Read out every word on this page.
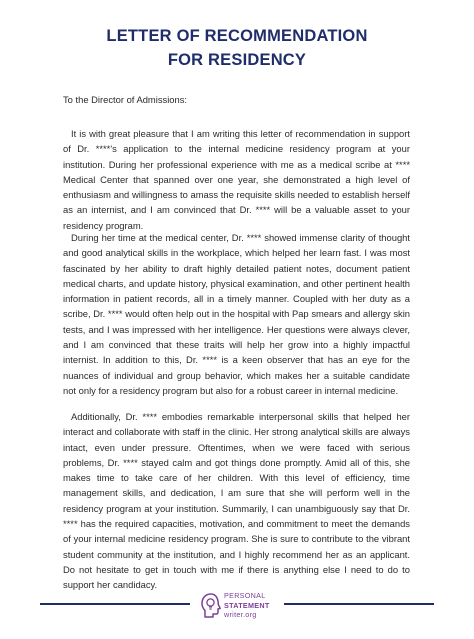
LETTER OF RECOMMENDATION
FOR RESIDENCY
To the Director of Admissions:
It is with great pleasure that I am writing this letter of recommendation in support of Dr. ****'s application to the internal medicine residency program at your institution. During her professional experience with me as a medical scribe at **** Medical Center that spanned over one year, she demonstrated a high level of enthusiasm and willingness to amass the requisite skills needed to establish herself as an internist, and I am convinced that Dr. **** will be a valuable asset to your residency program.
During her time at the medical center, Dr. **** showed immense clarity of thought and good analytical skills in the workplace, which helped her learn fast. I was most fascinated by her ability to draft highly detailed patient notes, document patient medical charts, and update history, physical examination, and other pertinent health information in patient records, all in a timely manner. Coupled with her duty as a scribe, Dr. **** would often help out in the hospital with Pap smears and allergy skin tests, and I was impressed with her intelligence. Her questions were always clever, and I am convinced that these traits will help her grow into a highly impactful internist. In addition to this, Dr. **** is a keen observer that has an eye for the nuances of individual and group behavior, which makes her a suitable candidate not only for a residency program but also for a robust career in internal medicine.
Additionally, Dr. **** embodies remarkable interpersonal skills that helped her interact and collaborate with staff in the clinic. Her strong analytical skills are always intact, even under pressure. Oftentimes, when we were faced with serious problems, Dr. **** stayed calm and got things done promptly. Amid all of this, she makes time to take care of her children. With this level of efficiency, time management skills, and dedication, I am sure that she will perform well in the residency program at your institution. Summarily, I can unambiguously say that Dr. **** has the required capacities, motivation, and commitment to meet the demands of your internal medicine residency program. She is sure to contribute to the vibrant student community at the institution, and I highly recommend her as an applicant. Do not hesitate to get in touch with me if there is anything else I need to do to support her candidacy.
PERSONAL
STATEMENT
writer.org
